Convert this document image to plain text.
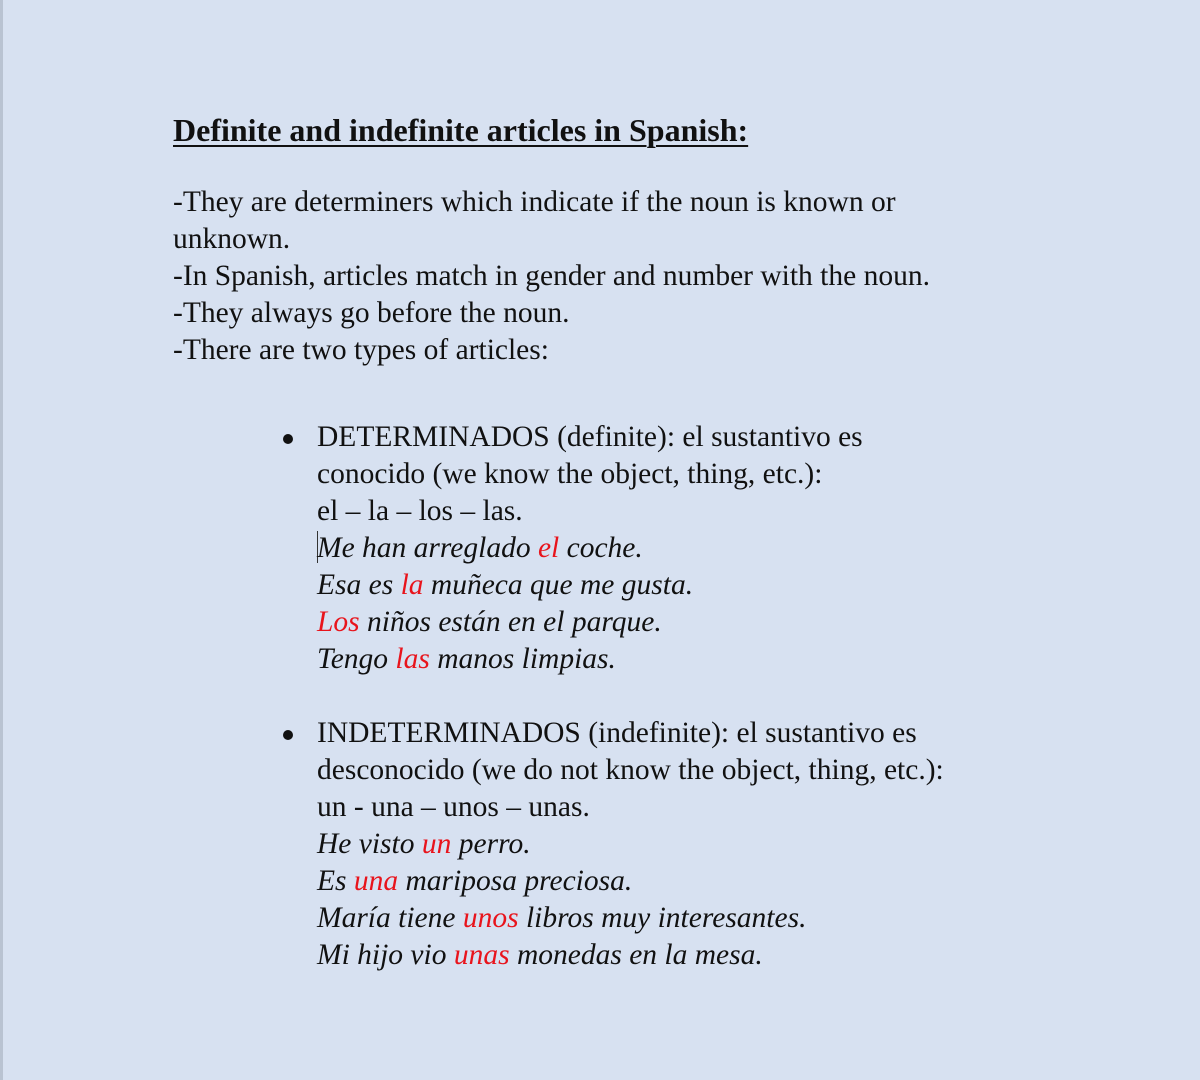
Definite and indefinite articles in Spanish:
-They are determiners which indicate if the noun is known or unknown.
-In Spanish, articles match in gender and number with the noun.
-They always go before the noun.
-There are two types of articles:
DETERMINADOS (definite): el sustantivo es
conocido (we know the object, thing, etc.):
el – la – los – las.
Me han arreglado el coche.
Esa es la muñeca que me gusta.
Los niños están en el parque.
Tengo las manos limpias.
INDETERMINADOS (indefinite): el sustantivo es
desconocido (we do not know the object, thing, etc.):
un - una – unos – unas.
He visto un perro.
Es una mariposa preciosa.
María tiene unos libros muy interesantes.
Mi hijo vio unas monedas en la mesa.
